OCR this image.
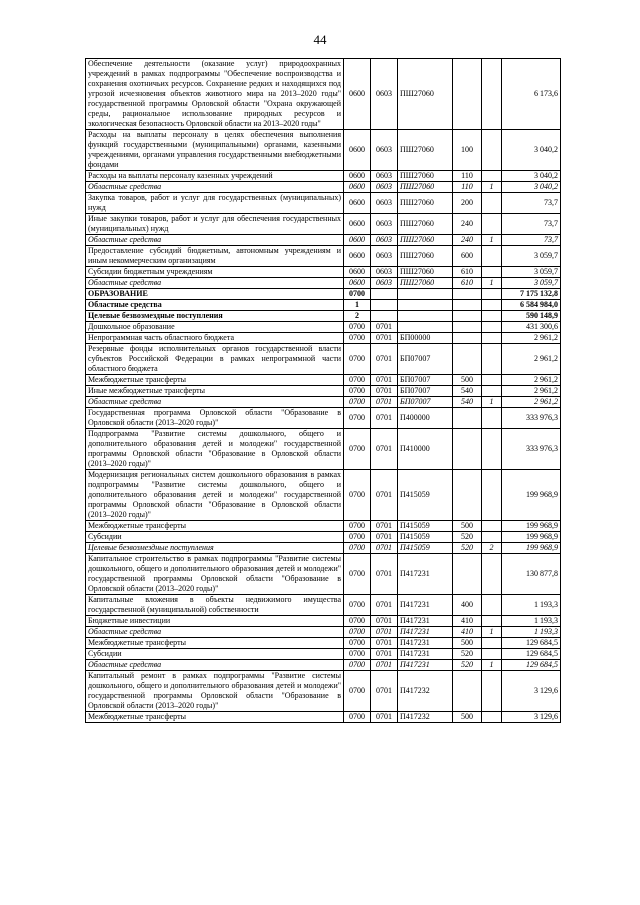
44
Обеспечение деятельности (оказание услуг) природоохранных учреждений в рамках подпрограммы "Обеспечение воспроизводства и сохранения охотничьих ресурсов. Сохранение редких и находящихся под угрозой исчезновения объектов животного мира на 2013–2020 годы" государственной программы Орловской области "Охрана окружающей среды, рациональное использование природных ресурсов и экологическая безопасность Орловской области на 2013–2020 годы"	0600	0603	ПШ27060			6 173,6
Расходы на выплаты персоналу в целях обеспечения выполнения функций государственными (муниципальными) органами, казенными учреждениями, органами управления государственными внебюджетными фондами	0600	0603	ПШ27060	100		3 040,2
Расходы на выплаты персоналу казенных учреждений	0600	0603	ПШ27060	110		3 040,2
Областные средства	0600	0603	ПШ27060	110	1	3 040,2
Закупка товаров, работ и услуг для государственных (муниципальных) нужд	0600	0603	ПШ27060	200		73,7
Иные закупки товаров, работ и услуг для обеспечения государственных (муниципальных) нужд	0600	0603	ПШ27060	240		73,7
Областные средства	0600	0603	ПШ27060	240	1	73,7
Предоставление субсидий бюджетным, автономным учреждениям и иным некоммерческим организациям	0600	0603	ПШ27060	600		3 059,7
Субсидии бюджетным учреждениям	0600	0603	ПШ27060	610		3 059,7
Областные средства	0600	0603	ПШ27060	610	1	3 059,7
ОБРАЗОВАНИЕ	0700					7 175 132,8
Областные средства	1					6 584 984,0
Целевые безвозмездные поступления	2					590 148,9
Дошкольное образование	0700	0701				431 300,6
Непрограммная часть областного бюджета	0700	0701	БП00000			2 961,2
Резервные фонды исполнительных органов государственной власти субъектов Российской Федерации в рамках непрограммной части областного бюджета	0700	0701	БП07007			2 961,2
Межбюджетные трансферты	0700	0701	БП07007	500		2 961,2
Иные межбюджетные трансферты	0700	0701	БП07007	540		2 961,2
Областные средства	0700	0701	БП07007	540	1	2 961,2
Государственная программа Орловской области "Образование в Орловской области (2013–2020 годы)"	0700	0701	П400000			333 976,3
Подпрограмма "Развитие системы дошкольного, общего и дополнительного образования детей и молодежи" государственной программы Орловской области "Образование в Орловской области (2013–2020 годы)"	0700	0701	П410000			333 976,3
Модернизация региональных систем дошкольного образования в рамках подпрограммы "Развитие системы дошкольного, общего и дополнительного образования детей и молодежи" государственной программы Орловской области "Образование в Орловской области (2013–2020 годы)"	0700	0701	П415059			199 968,9
Межбюджетные трансферты	0700	0701	П415059	500		199 968,9
Субсидии	0700	0701	П415059	520		199 968,9
Целевые безвозмездные поступления	0700	0701	П415059	520	2	199 968,9
Капитальное строительство в рамках подпрограммы "Развитие системы дошкольного, общего и дополнительного образования детей и молодежи" государственной программы Орловской области "Образование в Орловской области (2013–2020 годы)"	0700	0701	П417231			130 877,8
Капитальные вложения в объекты недвижимого имущества государственной (муниципальной) собственности	0700	0701	П417231	400		1 193,3
Бюджетные инвестиции	0700	0701	П417231	410		1 193,3
Областные средства	0700	0701	П417231	410	1	1 193,3
Межбюджетные трансферты	0700	0701	П417231	500		129 684,5
Субсидии	0700	0701	П417231	520		129 684,5
Областные средства	0700	0701	П417231	520	1	129 684,5
Капитальный ремонт в рамках подпрограммы "Развитие системы дошкольного, общего и дополнительного образования детей и молодежи" государственной программы Орловской области "Образование в Орловской области (2013–2020 годы)"	0700	0701	П417232			3 129,6
Межбюджетные трансферты	0700	0701	П417232	500		3 129,6
